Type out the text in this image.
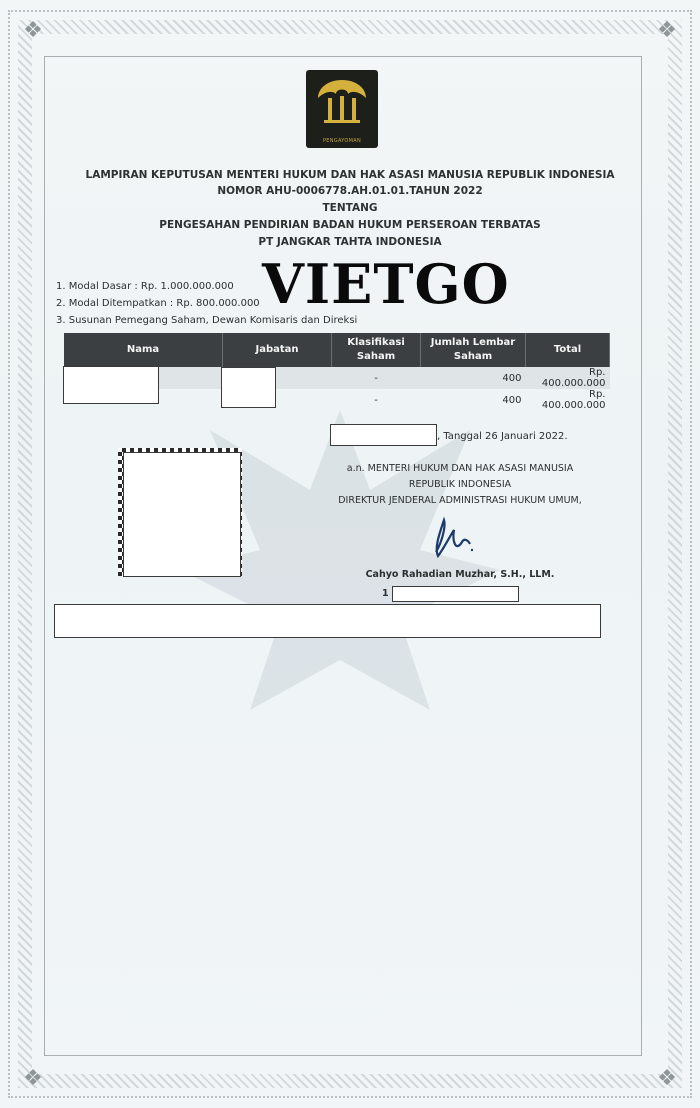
❖	❖
❖	❖
PENGAYOMAN
LAMPIRAN KEPUTUSAN MENTERI HUKUM DAN HAK ASASI MANUSIA REPUBLIK INDONESIA
NOMOR AHU-0006778.AH.01.01.TAHUN 2022
TENTANG
PENGESAHAN PENDIRIAN BADAN HUKUM PERSEROAN TERBATAS
PT JANGKAR TAHTA INDONESIA
1. Modal Dasar : Rp. 1.000.000.000
2. Modal Ditempatkan : Rp. 800.000.000
3. Susunan Pemegang Saham, Dewan Komisaris dan Direksi
VIETGO
Nama	Jabatan	Klasifikasi Saham	Jumlah Lembar Saham	Total
		-	400	Rp. 400.000.000
		-	400	Rp. 400.000.000
, Tanggal 26 Januari 2022.
a.n. MENTERI HUKUM DAN HAK ASASI MANUSIA
REPUBLIK INDONESIA
DIREKTUR JENDERAL ADMINISTRASI HUKUM UMUM,
Cahyo Rahadian Muzhar, S.H., LLM.
1
